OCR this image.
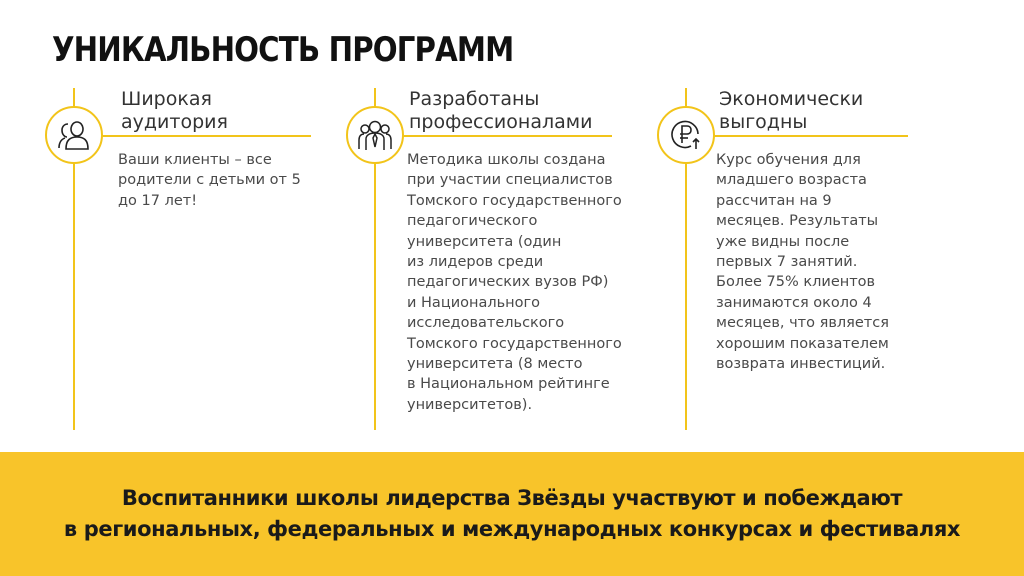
УНИКАЛЬНОСТЬ ПРОГРАММ
Широкая
аудитория
Ваши клиенты – все
родители с детьми от 5
до 17 лет!
Разработаны
профессионалами
Методика школы создана
при участии специалистов
Томского государственного
педагогического
университета (один
из лидеров среди
педагогических вузов РФ)
и Национального
исследовательского
Томского государственного
университета (8 место
в Национальном рейтинге
университетов).
Экономически
выгодны
Курс обучения для
младшего возраста
рассчитан на 9
месяцев. Результаты
уже видны после
первых 7 занятий.
Более 75% клиентов
занимаются около 4
месяцев, что является
хорошим показателем
возврата инвестиций.
Воспитанники школы лидерства Звёзды участвуют и побеждают
в региональных, федеральных и международных конкурсах и фестивалях
